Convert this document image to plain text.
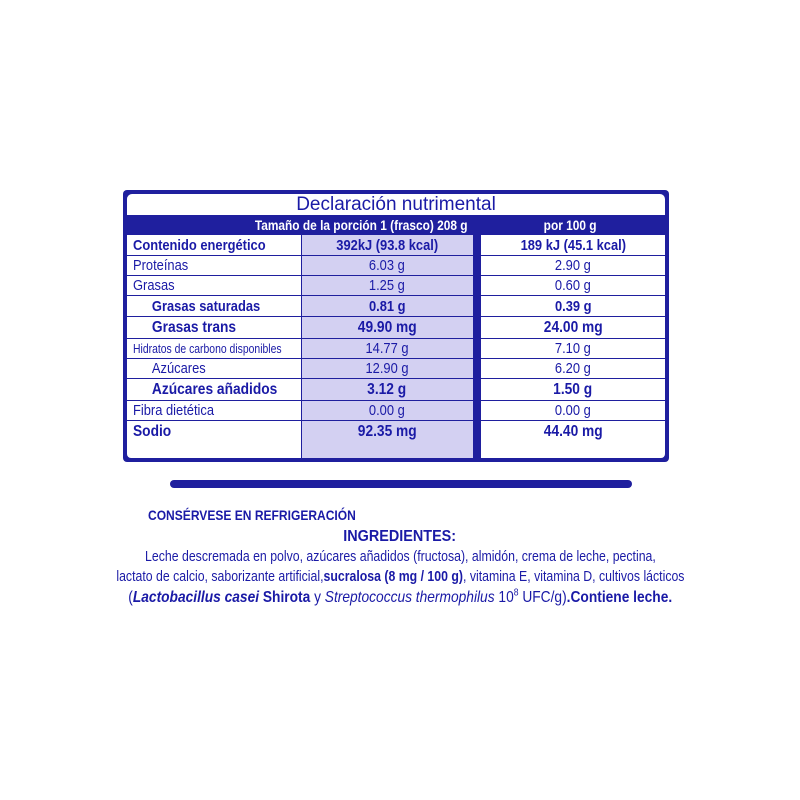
Declaración nutrimental
Tamaño de la porción 1 (frasco) 208 g	por 100 g
Contenido energético	392kJ (93.8 kcal)	189 kJ (45.1 kcal)
Proteínas	6.03 g	2.90 g
Grasas	1.25 g	0.60 g
Grasas saturadas	0.81 g	0.39 g
Grasas trans	49.90 mg	24.00 mg
Hidratos de carbono disponibles	14.77 g	7.10 g
Azúcares	12.90 g	6.20 g
Azúcares añadidos	3.12 g	1.50 g
Fibra dietética	0.00 g	0.00 g
Sodio	92.35 mg	44.40 mg
CONSÉRVESE EN REFRIGERACIÓN
INGREDIENTES:
Leche descremada en polvo, azúcares añadidos (fructosa), almidón, crema de leche, pectina,
lactato de calcio, saborizante artificial,sucralosa (8 mg / 100 g), vitamina E, vitamina D, cultivos lácticos
(Lactobacillus casei Shirota y Streptococcus thermophilus $10^8$ UFC/g).Contiene leche.
